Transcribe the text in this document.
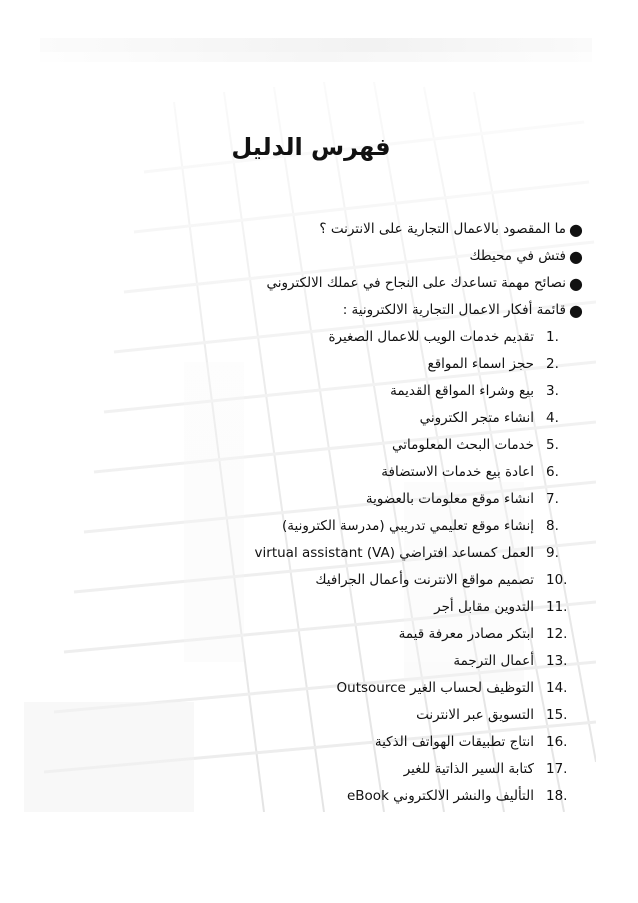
فهرس الدليل
●
ما المقصود بالاعمال التجارية على الانترنت ؟
●
فتش في محيطك
●
نصائح مهمة تساعدك على النجاح في عملك الالكتروني
●
قائمة أفكار الاعمال التجارية الالكترونية :
1.
تقديم خدمات الويب للاعمال الصغيرة
2.
حجز اسماء المواقع
3.
بيع وشراء المواقع القديمة
4.
انشاء متجر الكتروني
5.
خدمات البحث المعلوماتي
6.
اعادة بيع خدمات الاستضافة
7.
انشاء موقع معلومات بالعضوية
8.
إنشاء موقع تعليمي تدريبي (مدرسة الكترونية)
9.
العمل كمساعد افتراضي (virtual assistant (VA
10.
تصميم مواقع الانترنت وأعمال الجرافيك
11.
التدوين مقابل أجر
12.
ابتكر مصادر معرفة قيمة
13.
أعمال الترجمة
14.
التوظيف لحساب الغير Outsource
15.
التسويق عبر الانترنت
16.
انتاج تطبيقات الهواتف الذكية
17.
كتابة السير الذاتية للغير
18.
التأليف والنشر الالكتروني eBook
